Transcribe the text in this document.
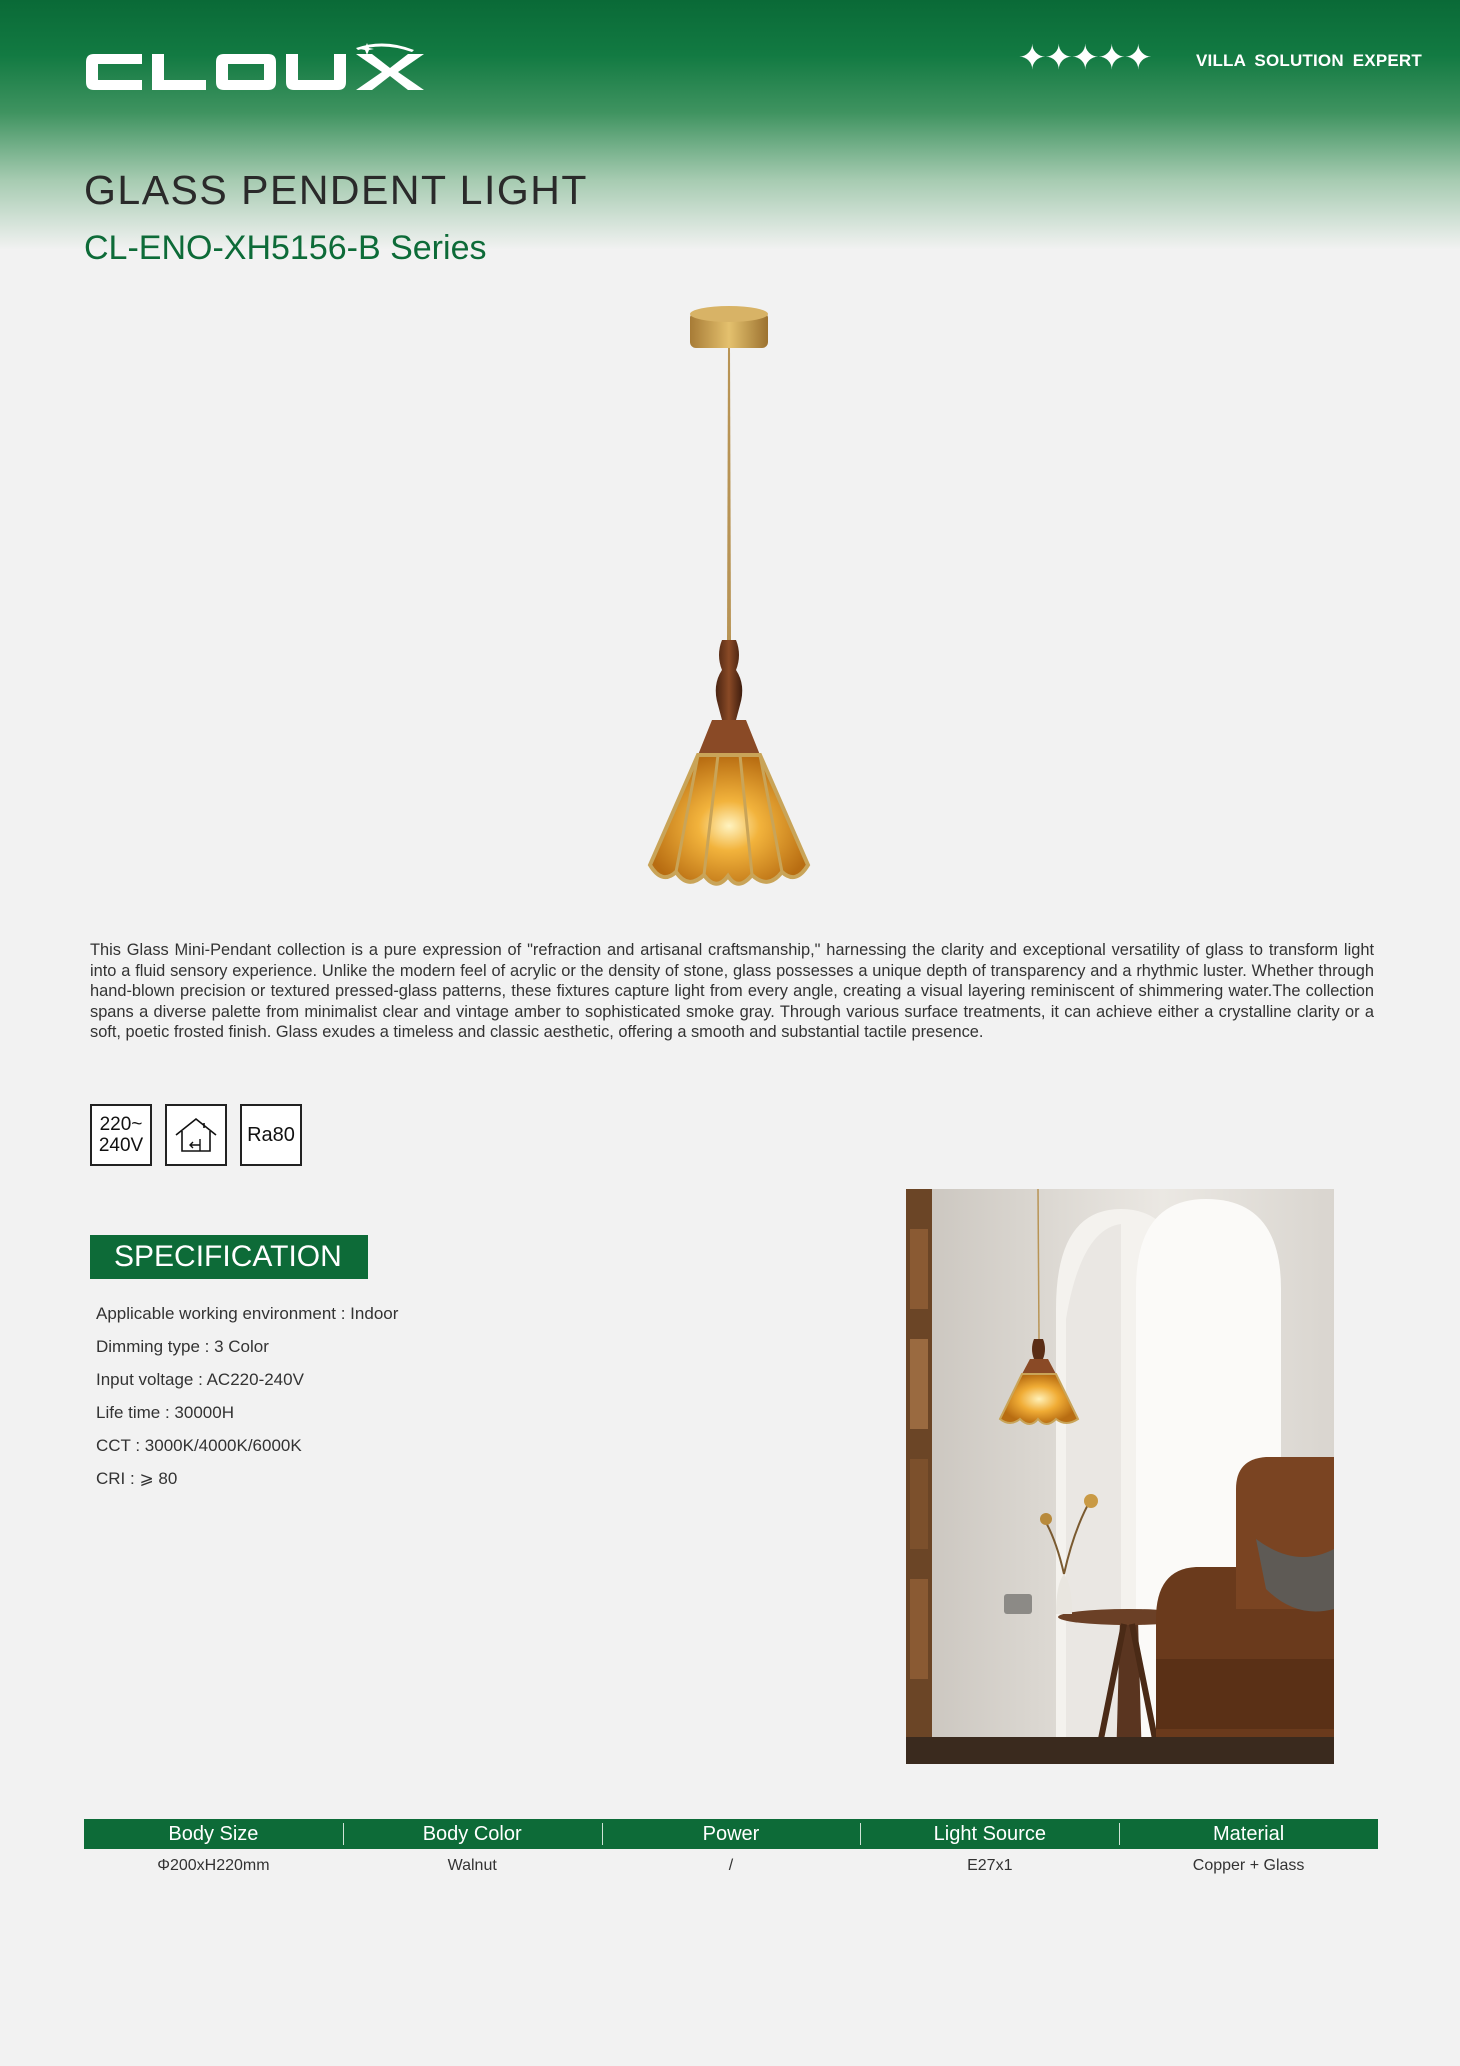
✦✦✦✦✦	VILLA SOLUTION EXPERT
GLASS PENDENT LIGHT
CL-ENO-XH5156-B Series

This Glass Mini-Pendant collection is a pure expression of "refraction and artisanal craftsmanship," harnessing the clarity and exceptional versatility of glass to transform light into a fluid sensory experience. Unlike the modern feel of acrylic or the density of stone, glass possesses a unique depth of transparency and a rhythmic luster. Whether through hand-blown precision or textured pressed-glass patterns, these fixtures capture light from every angle, creating a visual layering reminiscent of shimmering water.The collection spans a diverse palette from minimalist clear and vintage amber to sophisticated smoke gray. Through various surface treatments, it can achieve either a crystalline clarity or a soft, poetic frosted finish. Glass exudes a timeless and classic aesthetic, offering a smooth and substantial tactile presence.

220~
240V	Ra80
SPECIFICATION
Applicable working environment : Indoor
Dimming type : 3 Color
Input voltage : AC220-240V
Life time : 30000H
CCT : 3000K/4000K/6000K
CRI : ⩾ 80
Body Size	Body Color	Power	Light Source	Material
Φ200xH220mm	Walnut	/	E27x1	Copper + Glass
